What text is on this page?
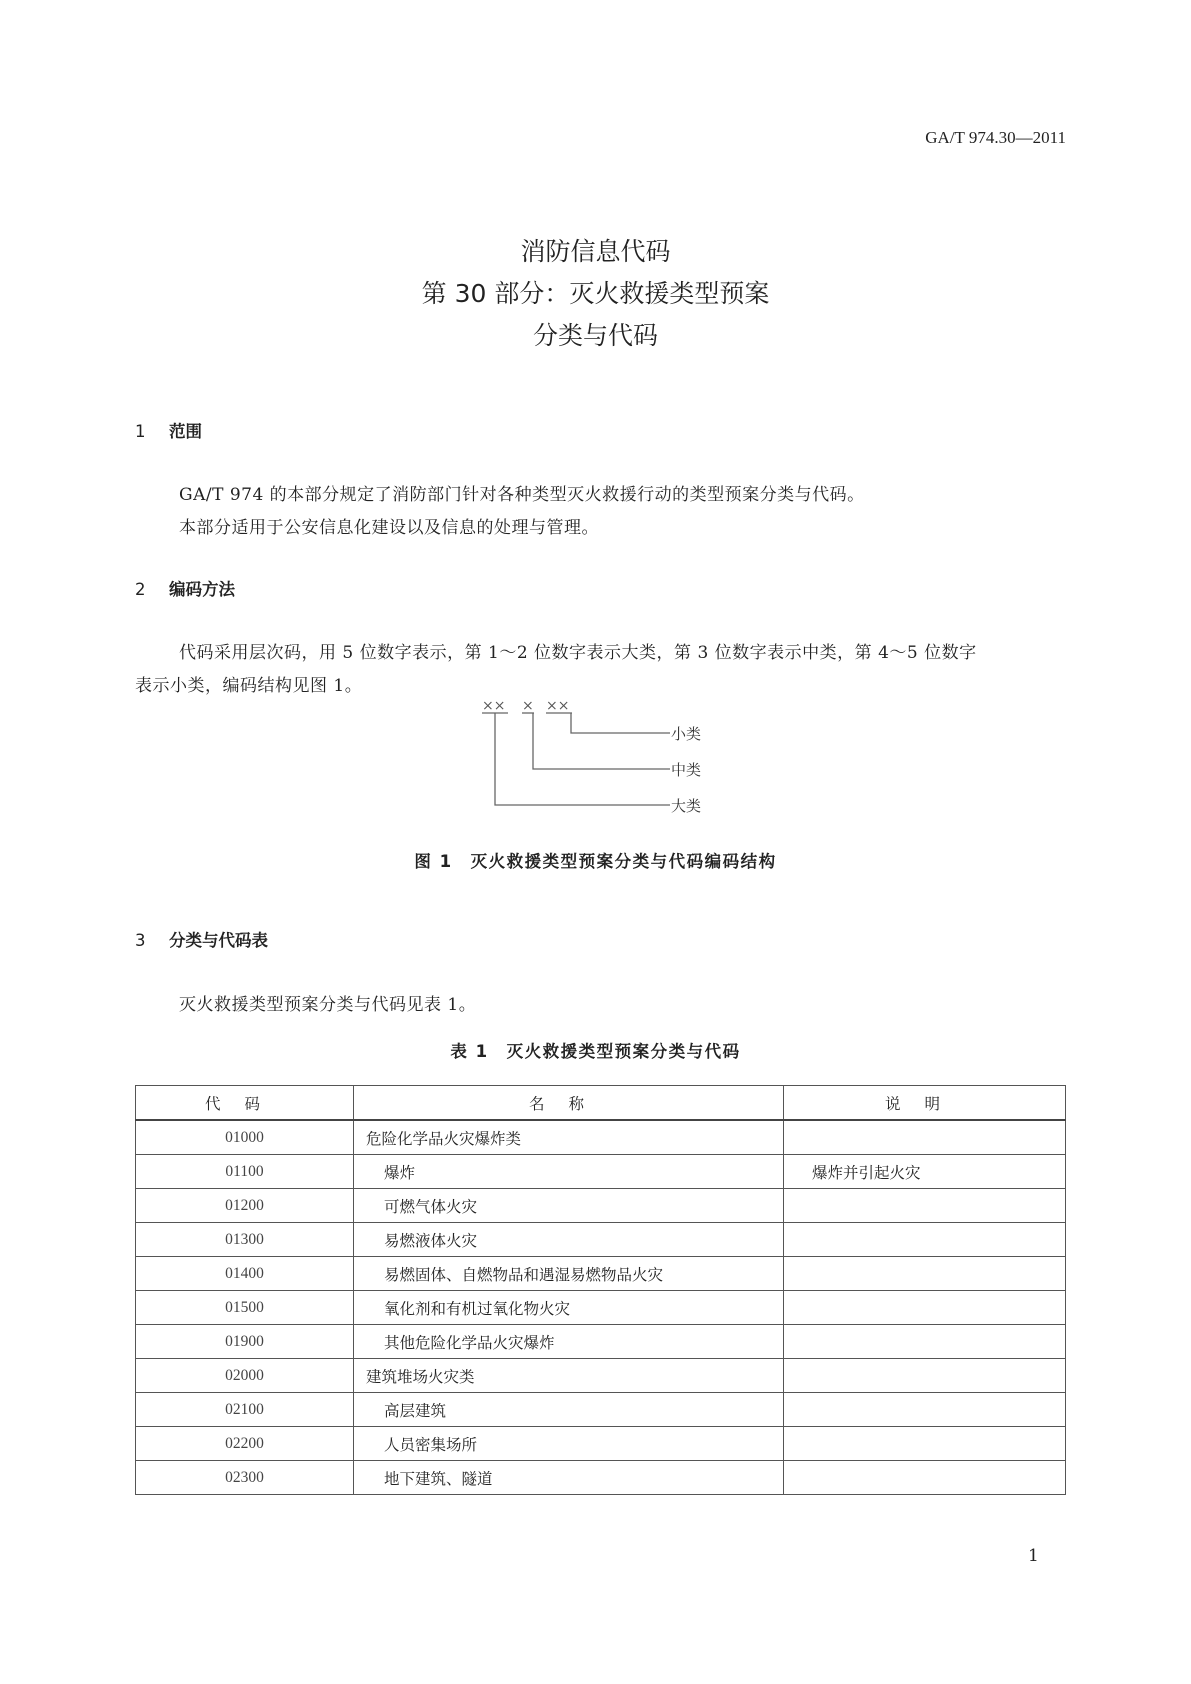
GA/T 974.30—2011
消防信息代码
第 30 部分：灭火救援类型预案
分类与代码
1 范围
GA/T 974 的本部分规定了消防部门针对各种类型灭火救援行动的类型预案分类与代码。
本部分适用于公安信息化建设以及信息的处理与管理。
2 编码方法
代码采用层次码，用 5 位数字表示，第 1～2 位数字表示大类，第 3 位数字表示中类，第 4～5 位数字
表示小类，编码结构见图 1。
×× × ××
小类
中类
大类
图 1　灭火救援类型预案分类与代码编码结构
3 分类与代码表
灭火救援类型预案分类与代码见表 1。
表 1　灭火救援类型预案分类与代码
代码	名称	说明
01000	危险化学品火灾爆炸类	
01100	爆炸	爆炸并引起火灾
01200	可燃气体火灾	
01300	易燃液体火灾	
01400	易燃固体、自燃物品和遇湿易燃物品火灾	
01500	氧化剂和有机过氧化物火灾	
01900	其他危险化学品火灾爆炸	
02000	建筑堆场火灾类	
02100	高层建筑	
02200	人员密集场所	
02300	地下建筑、隧道	
1
